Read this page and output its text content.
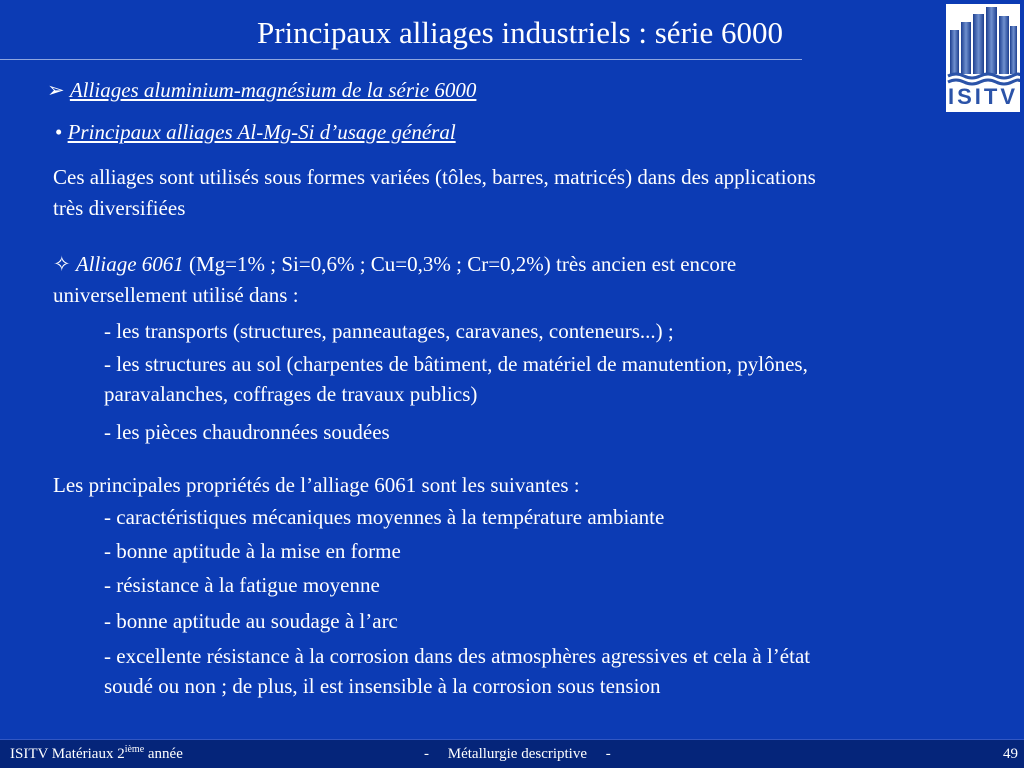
Principaux alliages industriels : série 6000
ISITV
➢ Alliages aluminium-magnésium de la série 6000
• Principaux alliages Al-Mg-Si d’usage général
Ces alliages sont utilisés sous formes variées (tôles, barres, matricés) dans des applications
très diversifiées
✧ Alliage 6061 (Mg=1% ; Si=0,6% ; Cu=0,3% ; Cr=0,2%) très ancien est encore
universellement utilisé dans :
- les transports (structures, panneautages, caravanes, conteneurs...) ;
- les structures au sol (charpentes de bâtiment, de matériel de manutention, pylônes,
paravalanches, coffrages de travaux publics)
- les pièces chaudronnées soudées
Les principales propriétés de l’alliage 6061 sont les suivantes :
- caractéristiques mécaniques moyennes à la température ambiante
- bonne aptitude à la mise en forme
- résistance à la fatigue moyenne
- bonne aptitude au soudage à l’arc
- excellente résistance à la corrosion dans des atmosphères agressives et cela à l’état
soudé ou non ; de plus, il est insensible à la corrosion sous tension
ISITV Matériaux 2ième année	-     Métallurgie descriptive     -	49
